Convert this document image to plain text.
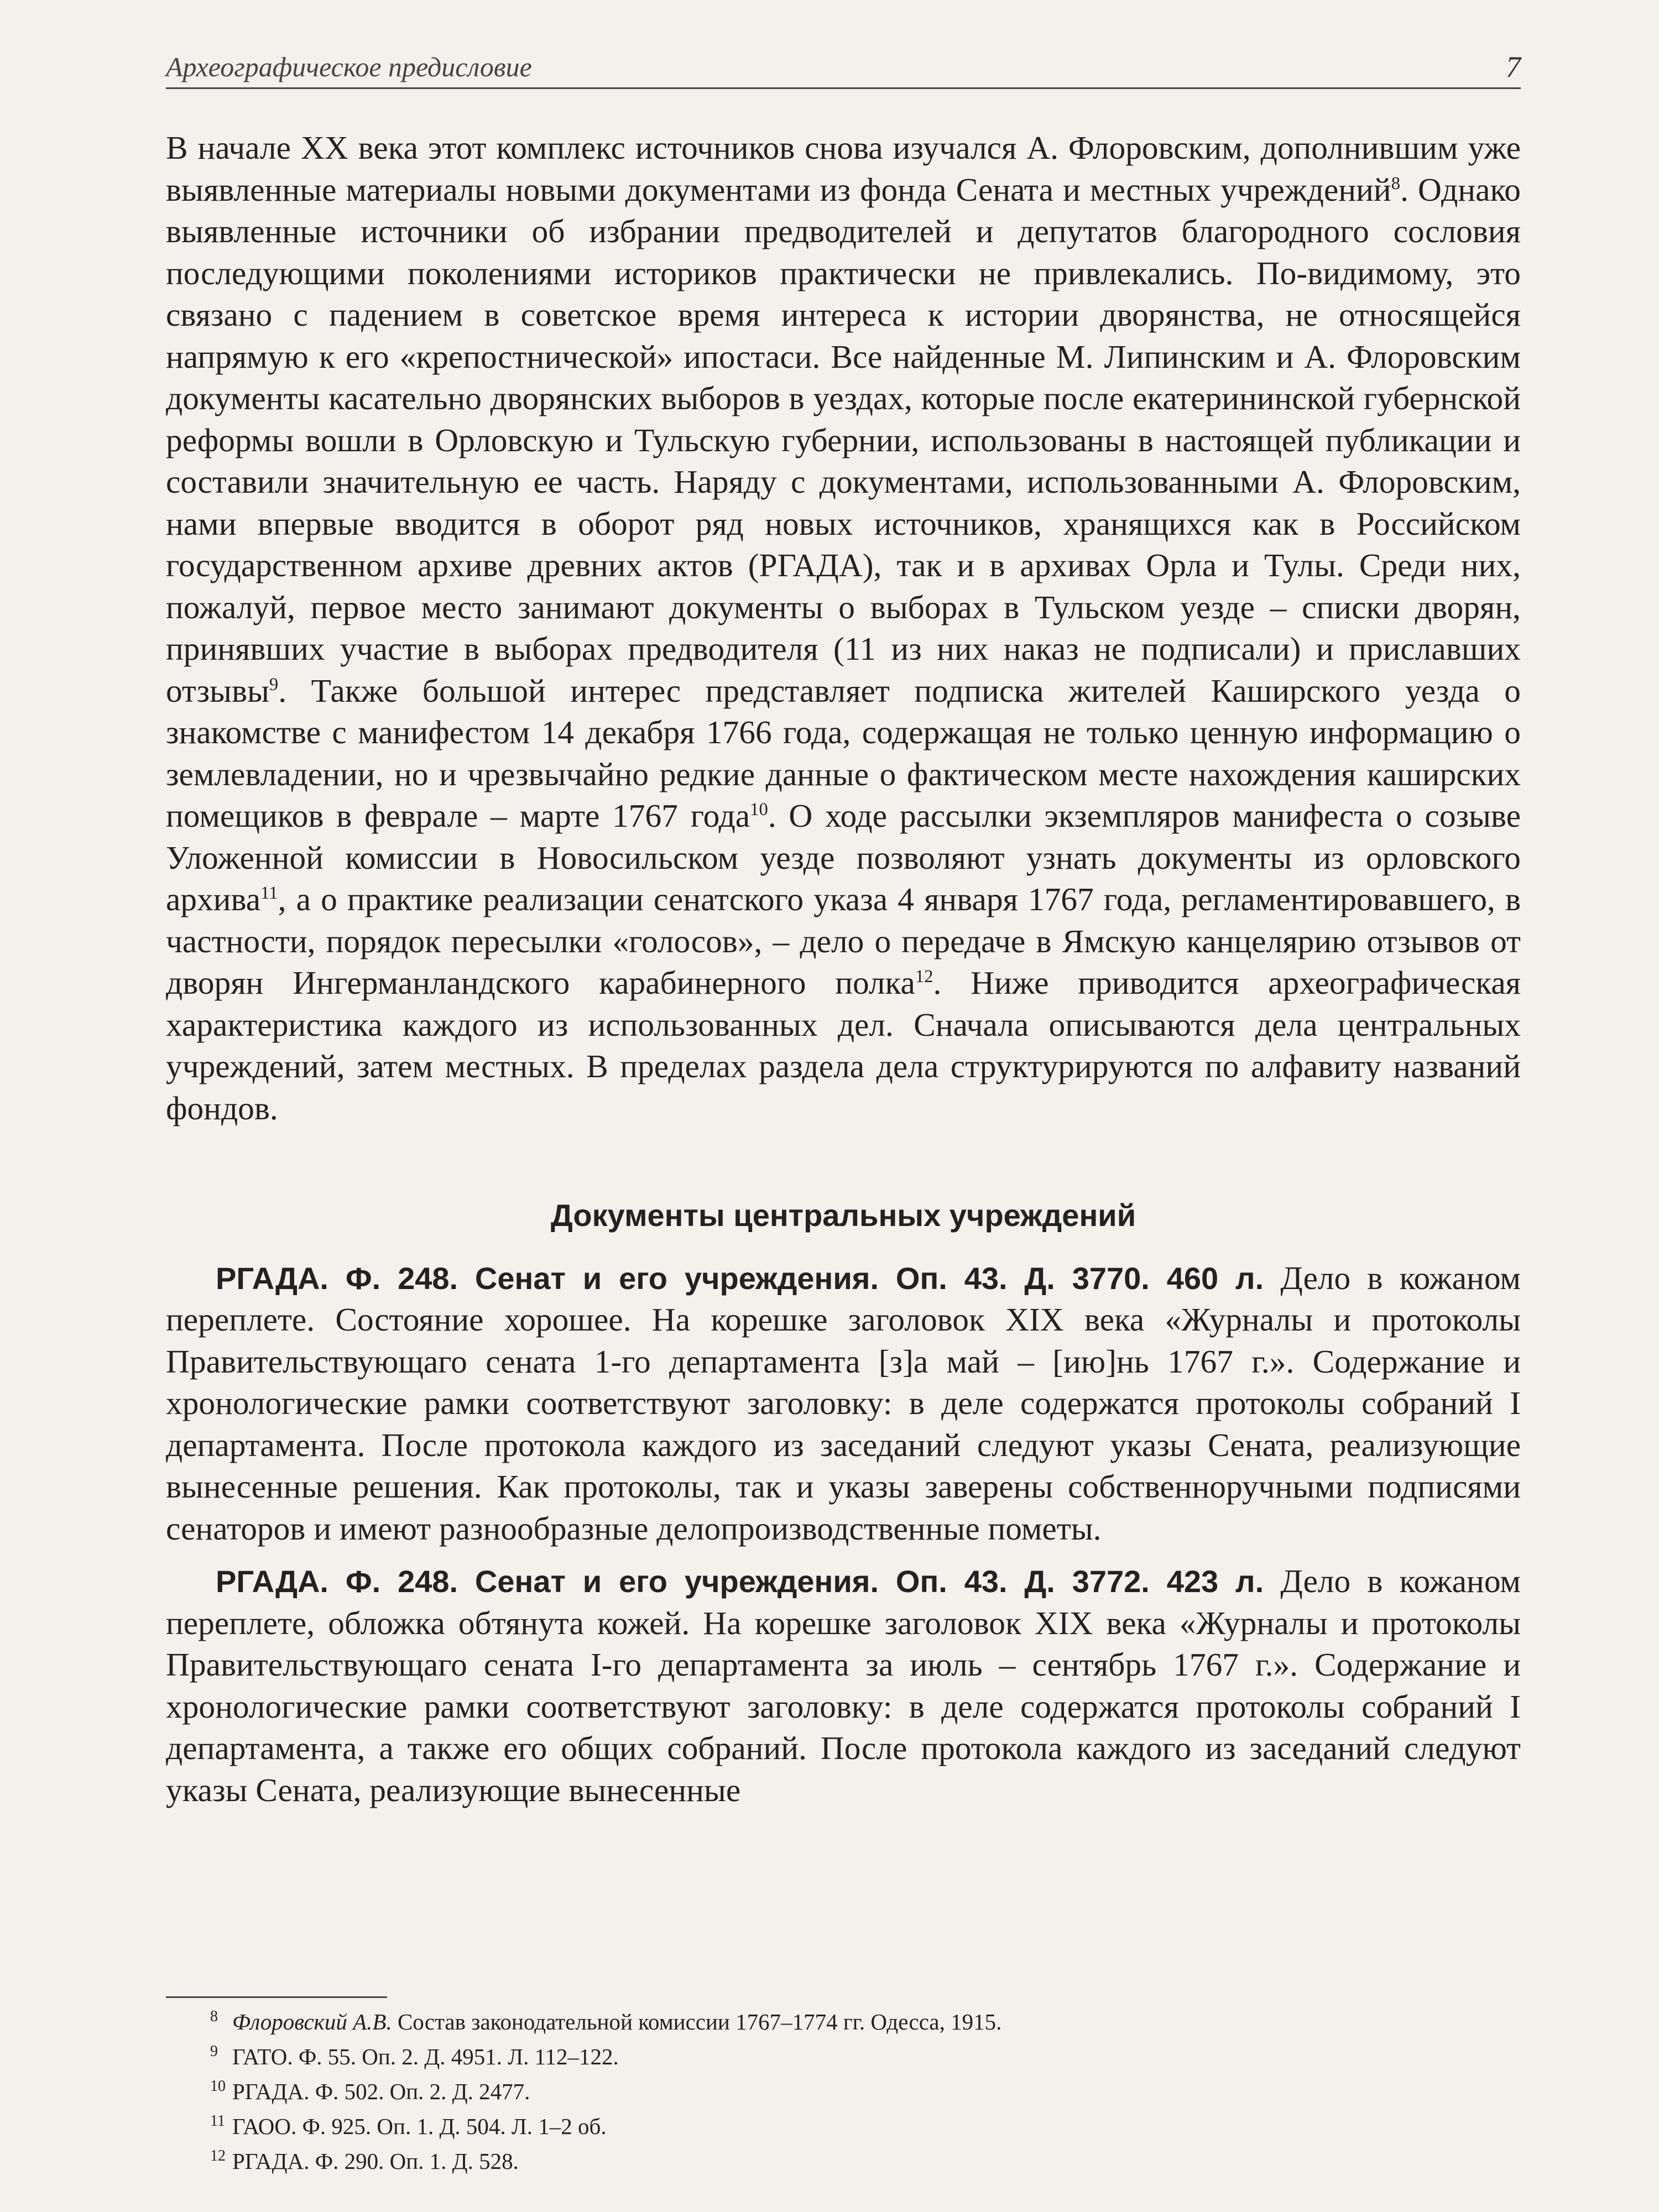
Археографическое предисловие	7

В начале XX века этот комплекс источников снова изучался А. Флоровским, дополнившим уже выявленные материалы новыми документами из фонда Сената и местных учреждений$^8$. Однако выявленные источники об избрании предводителей и депутатов благородного сословия последующими поколениями историков практически не привлекались. По-видимому, это связано с падением в советское время интереса к истории дворянства, не относящейся напрямую к его «крепостнической» ипостаси. Все найденные М. Липинским и А. Флоровским документы касательно дворянских выборов в уездах, которые после екатерининской губернской реформы вошли в Орловскую и Тульскую губернии, использованы в настоящей публикации и составили значительную ее часть. Наряду с документами, использованными А. Флоровским, нами впервые вводится в оборот ряд новых источников, хранящихся как в Российском государственном архиве древних актов (РГАДА), так и в архивах Орла и Тулы. Среди них, пожалуй, первое место занимают документы о выборах в Тульском уезде – списки дворян, принявших участие в выборах предводителя (11 из них наказ не подписали) и приславших отзывы$^9$. Также большой интерес представляет подписка жителей Каширского уезда о знакомстве с манифестом 14 декабря 1766 года, содержащая не только ценную информацию о землевладении, но и чрезвычайно редкие данные о фактическом месте нахождения каширских помещиков в феврале – марте 1767 года$^{10}$. О ходе рассылки экземпляров манифеста о созыве Уложенной комиссии в Новосильском уезде позволяют узнать документы из орловского архива$^{11}$, а о практике реализации сенатского указа 4 января 1767 года, регламентировавшего, в частности, порядок пересылки «голосов», – дело о передаче в Ямскую канцелярию отзывов от дворян Ингерманландского карабинерного полка$^{12}$. Ниже приводится археографическая характеристика каждого из использованных дел. Сначала описываются дела центральных учреждений, затем местных. В пределах раздела дела структурируются по алфавиту названий фондов.

Документы центральных учреждений

РГАДА. Ф. 248. Сенат и его учреждения. Оп. 43. Д. 3770. 460 л. Дело в кожаном переплете. Состояние хорошее. На корешке заголовок XIX века «Журналы и протоколы Правительствующаго сената 1-го департамента [з]а май – [ию]нь 1767 г.». Содержание и хронологические рамки соответствуют заголовку: в деле содержатся протоколы собраний I департамента. После протокола каждого из заседаний следуют указы Сената, реализующие вынесенные решения. Как протоколы, так и указы заверены собственноручными подписями сенаторов и имеют разнообразные делопроизводственные пометы.

РГАДА. Ф. 248. Сенат и его учреждения. Оп. 43. Д. 3772. 423 л. Дело в кожаном переплете, обложка обтянута кожей. На корешке заголовок XIX века «Журналы и протоколы Правительствующаго сената I-го департамента за июль – сентябрь 1767 г.». Содержание и хронологические рамки соответствуют заголовку: в деле содержатся протоколы собраний I департамента, а также его общих собраний. После протокола каждого из заседаний следуют указы Сената, реализующие вынесенные

8 Флоровский А.В. Состав законодательной комиссии 1767–1774 гг. Одесса, 1915.
9 ГАТО. Ф. 55. Оп. 2. Д. 4951. Л. 112–122.
10 РГАДА. Ф. 502. Оп. 2. Д. 2477.
11 ГАОО. Ф. 925. Оп. 1. Д. 504. Л. 1–2 об.
12 РГАДА. Ф. 290. Оп. 1. Д. 528.
